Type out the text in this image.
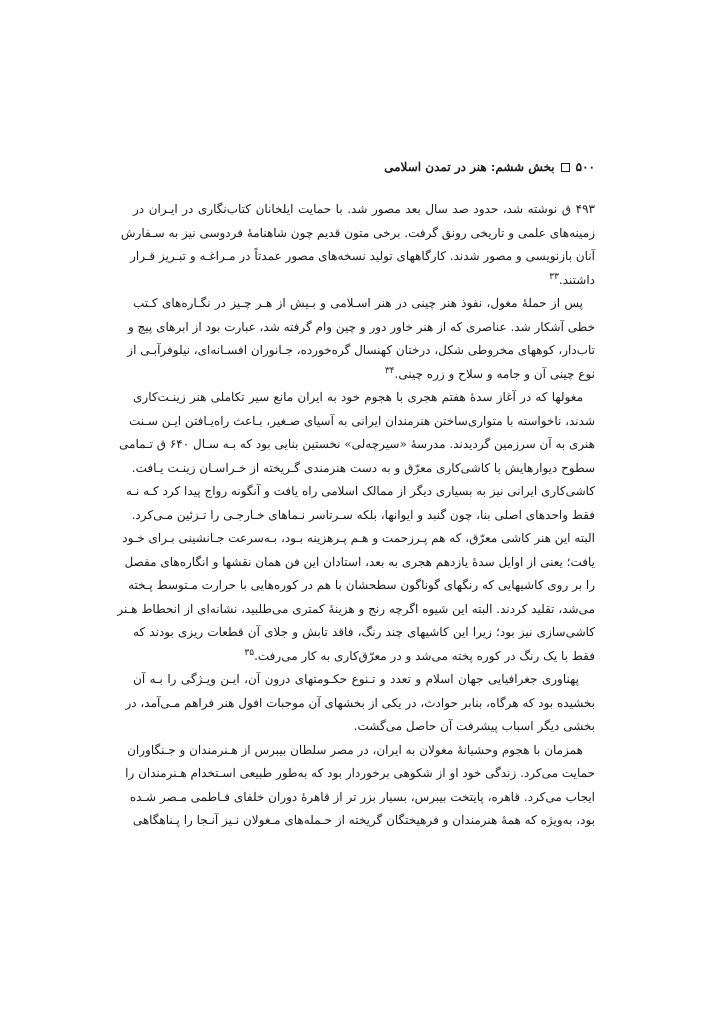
۵۰۰بخش ششم: هنر در تمدن اسلامی
۴۹۳ ق نوشته شد، حدود صد سال بعد مصور شد. با حمایت ایلخانان کتاب‌نگاری در ایـران در
زمینه‌های علمی و تاریخی رونق گرفت. برخی متون قدیم چون شاهنامهٔ فردوسی نیز به سـفارش
آنان بازنویسی و مصور شدند. کارگاههای تولید نسخه‌های مصور عمدتاً در مـراغـه و تبـریز قـرار
داشتند.$^{۳۳}$
پس از حملهٔ مغول، نفوذ هنر چینی در هنر اسـلامی و بـیش از هـر چـیز در نگـاره‌های کـتب
خطی آشکار شد. عناصری که از هنر خاور دور و چین وام گرفته شد، عبارت بود از ابرهای پیچ و
تاب‌دار، کوههای مخروطی شکل، درختان کهنسال گره‌خورده، جـانوران افسـانه‌ای، نیلوفرآبـی از
نوع چینی آن و جامه و سلاح و زره چینی.$^{۳۴}$
مغولها که در آغاز سدهٔ هفتم هجری با هجوم خود به ایران مانع سیر تکاملی هنر زینـت‌کاری
شدند، ناخواسته با متواری‌ساختن هنرمندان ایرانی به آسیای صـغیر، بـاعث راه‌یـافتن ایـن سـنت
هنری به آن سرزمین گردیدند. مدرسهٔ «سیرچه‌لی» نخستین بنایی بود که بـه سـال ۶۴۰ ق تـمامی
سطوح دیوارهایش با کاشی‌کاری معرّق و به دست هنرمندی گـریخته از خـراسـان زینـت یـافت.
کاشی‌کاری ایرانی نیز به بسیاری دیگر از ممالک اسلامی راه یافت و آنگونه رواج پیدا کرد کـه نـه
فقط واحدهای اصلی بنا، چون گنبد و ایوانها، بلکه سـرتاسر نـماهای خـارجـی را تـزئین مـی‌کرد.
البته این هنر کاشی معرّق، که هم پـرزحمت و هـم پـرهزینه بـود، بـه‌سرعت جـانشینی بـرای خـود
یافت؛ یعنی از اوایل سدهٔ یازدهم هجری به بعد، استادان این فن همان نقشها و انگاره‌های مفصل
را بر روی کاشیهایی که رنگهای گوناگون سطحشان با هم در کوره‌هایی با حرارت مـتوسط پـخته
می‌شد، تقلید کردند. البته این شیوه اگرچه رنج و هزینهٔ کمتری می‌طلبید، نشانه‌ای از انحطاط هـنر
کاشی‌سازی نیز بود؛ زیرا این کاشیهای چند رنگ، فاقد تابش و جلای آن قطعات ریزی بودند که
فقط با یک رنگ در کوره پخته می‌شد و در معرّق‌کاری به کار می‌رفت.$^{۳۵}$
پهناوری جغرافیایی جهان اسلام و تعدد و تـنوع حکـومتهای درون آن، ایـن ویـژگی را بـه آن
بخشیده بود که هرگاه، بنابر حوادث، در یکی از بخشهای آن موجبات افول هنر فراهم مـی‌آمد، در
بخشی دیگر اسباب پیشرفت آن حاصل می‌گشت.
همزمان با هجوم وحشیانهٔ مغولان به ایران، در مصر سلطان بیبرس از هـنرمندان و جـنگاوران
حمایت می‌کرد. زندگی خود او از شکوهی برخوردار بود که به‌طور طبیعی اسـتخدام هـنرمندان را
ایجاب می‌کرد. قاهره، پایتخت بیبرس، بسیار بزر تر از قاهرهٔ دوران خلفای فـاطمی مـصر شـده
بود، به‌ویژه که همهٔ هنرمندان و فرهیختگان گریخته از حـمله‌های مـغولان نـیز آنـجا را پـناهگاهی
